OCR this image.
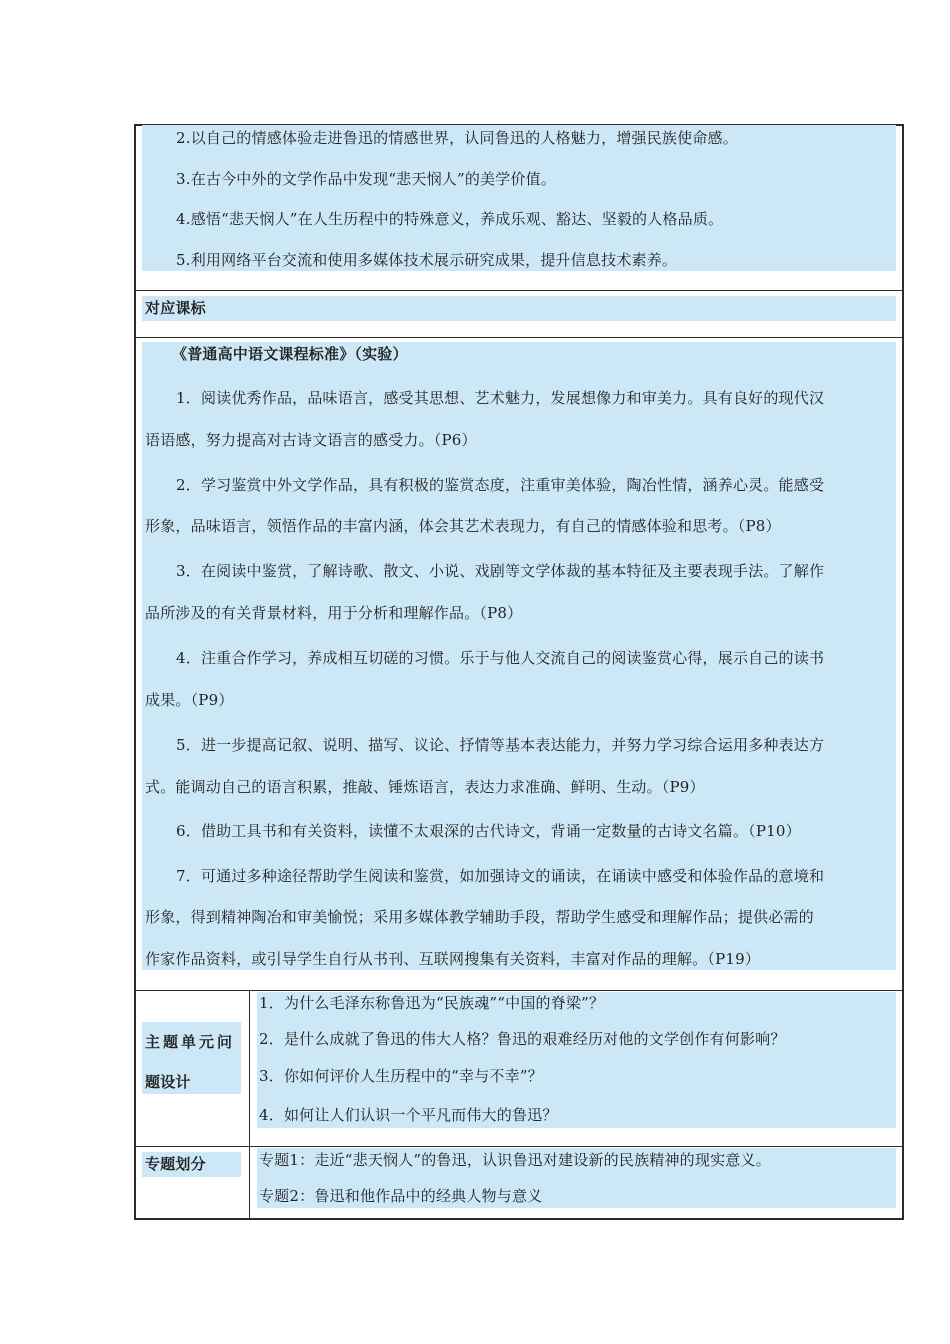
2.以自己的情感体验走进鲁迅的情感世界，认同鲁迅的人格魅力，增强民族使命感。
3.在古今中外的文学作品中发现“悲天悯人”的美学价值。
4.感悟“悲天悯人”在人生历程中的特殊意义，养成乐观、豁达、坚毅的人格品质。
5.利用网络平台交流和使用多媒体技术展示研究成果，提升信息技术素养。
对应课标
《普通高中语文课程标准》（实验）
1．阅读优秀作品，品味语言，感受其思想、艺术魅力，发展想像力和审美力。具有良好的现代汉
语语感，努力提高对古诗文语言的感受力。（P6）
2．学习鉴赏中外文学作品，具有积极的鉴赏态度，注重审美体验，陶冶性情，涵养心灵。能感受
形象，品味语言，领悟作品的丰富内涵，体会其艺术表现力，有自己的情感体验和思考。（P8）
3．在阅读中鉴赏，了解诗歌、散文、小说、戏剧等文学体裁的基本特征及主要表现手法。了解作
品所涉及的有关背景材料，用于分析和理解作品。（P8）
4．注重合作学习，养成相互切磋的习惯。乐于与他人交流自己的阅读鉴赏心得，展示自己的读书
成果。（P9）
5．进一步提高记叙、说明、描写、议论、抒情等基本表达能力，并努力学习综合运用多种表达方
式。能调动自己的语言积累，推敲、锤炼语言，表达力求准确、鲜明、生动。（P9）
6．借助工具书和有关资料，读懂不太艰深的古代诗文，背诵一定数量的古诗文名篇。（P10）
7．可通过多种途径帮助学生阅读和鉴赏，如加强诗文的诵读，在诵读中感受和体验作品的意境和
形象，得到精神陶冶和审美愉悦；采用多媒体教学辅助手段，帮助学生感受和理解作品；提供必需的
作家作品资料，或引导学生自行从书刊、互联网搜集有关资料，丰富对作品的理解。（P19）
主题单元问
题设计
1．为什么毛泽东称鲁迅为“民族魂”“中国的脊梁”？
2．是什么成就了鲁迅的伟大人格？鲁迅的艰难经历对他的文学创作有何影响？
3．你如何评价人生历程中的“幸与不幸”？
4．如何让人们认识一个平凡而伟大的鲁迅？
专题划分	专题1：走近“悲天悯人”的鲁迅，认识鲁迅对建设新的民族精神的现实意义。
专题2：鲁迅和他作品中的经典人物与意义
